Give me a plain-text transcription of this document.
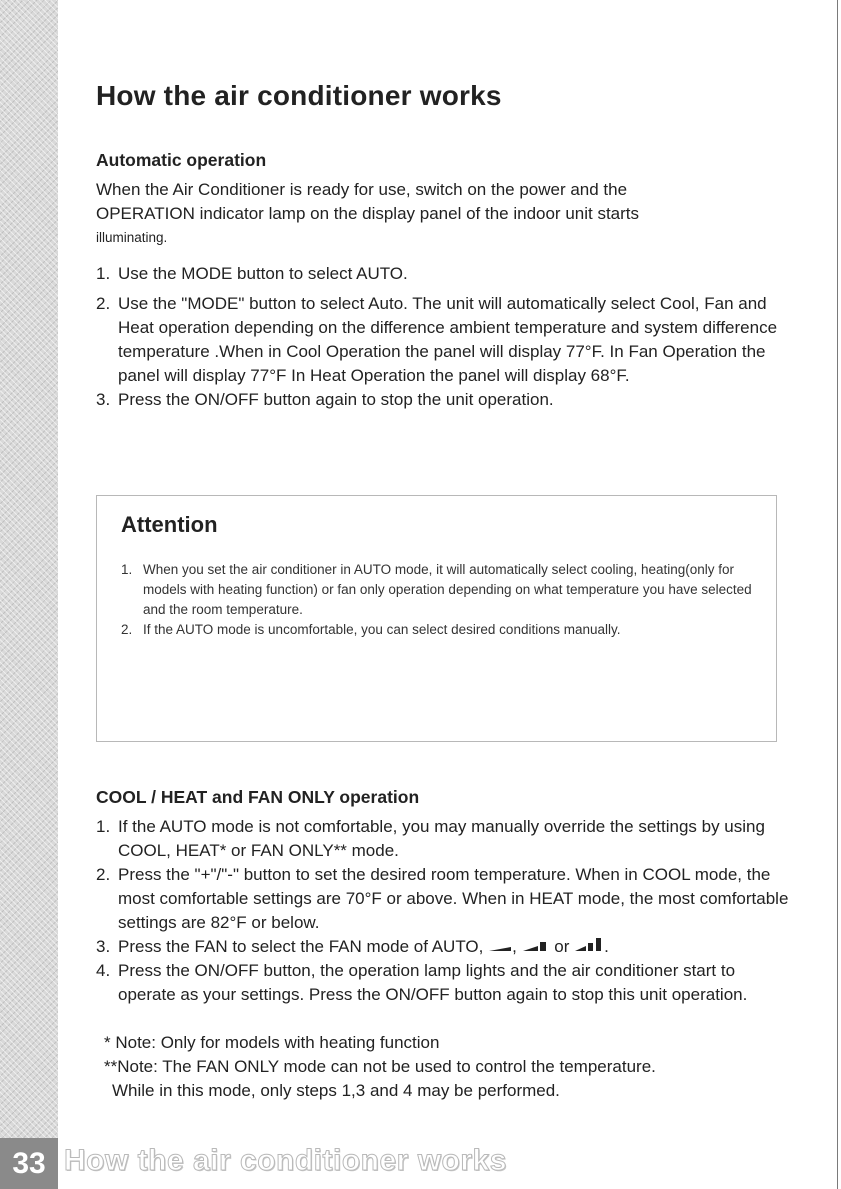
How the air conditioner works
Automatic operation
When the Air Conditioner is ready for use, switch on the power and the
OPERATION indicator lamp on the display panel of the indoor unit starts
illuminating.
1. Use the MODE button to select AUTO.
2. Use the "MODE" button to select Auto. The unit will automatically select Cool, Fan and Heat operation depending on the difference ambient temperature and system difference temperature .When in Cool Operation the panel will display 77°F. In Fan Operation the panel will display 77°F In Heat Operation the panel will display 68°F.
3. Press the ON/OFF button again to stop the unit operation.
Attention
1. When you set the air conditioner in AUTO mode, it will automatically select cooling, heating(only for models with heating function) or fan only operation depending on what temperature you have selected and the room temperature.
2. If the AUTO mode is uncomfortable, you can select desired conditions manually.
COOL / HEAT and FAN ONLY operation
1. If the AUTO mode is not comfortable, you may manually override the settings by using COOL, HEAT* or FAN ONLY** mode.
2. Press the "+"/"-" button to set the desired room temperature. When in COOL mode, the most comfortable settings are 70°F or above. When in HEAT mode, the most comfortable settings are 82°F or below.
3. Press the FAN to select the FAN mode of AUTO, , or .
4. Press the ON/OFF button, the operation lamp lights and the air conditioner start to operate as your settings. Press the ON/OFF button again to stop this unit operation.
* Note: Only for models with heating function
**Note: The FAN ONLY mode can not be used to control the temperature.
While in this mode, only steps 1,3 and 4 may be performed.
33 How the air conditioner works
